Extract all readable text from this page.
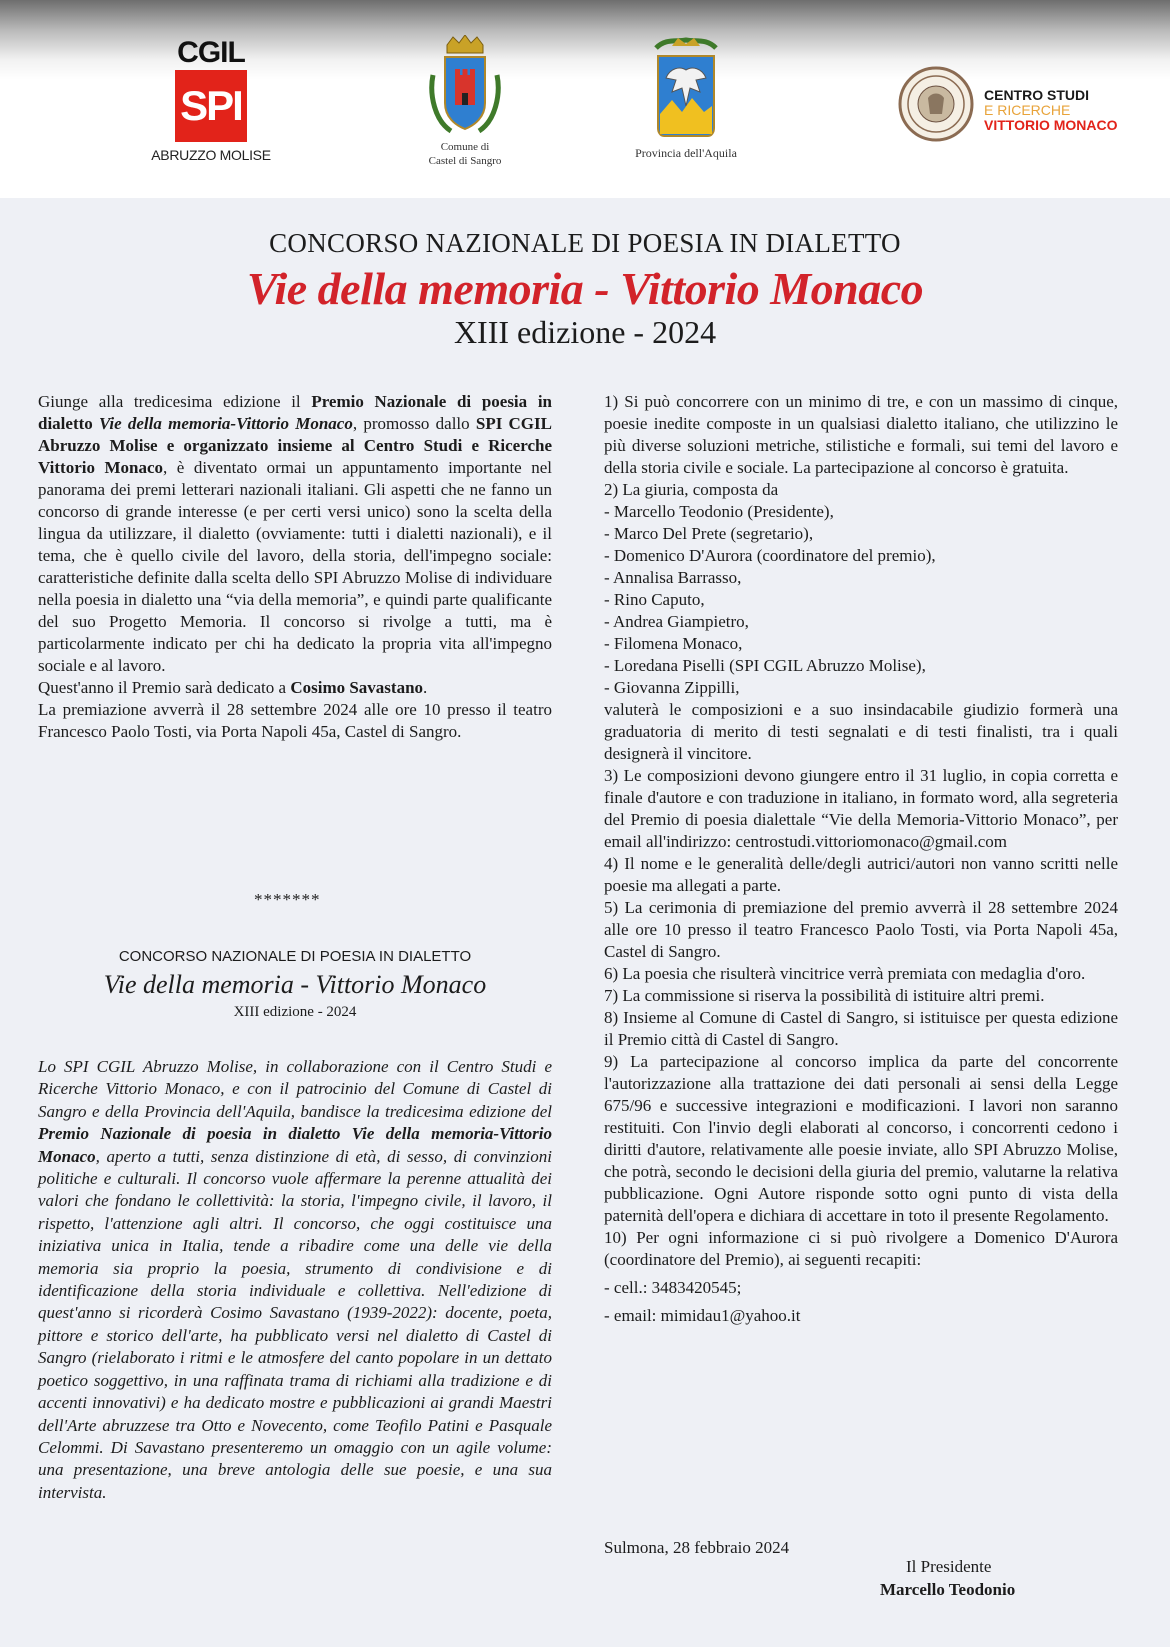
CGIL
SPI
ABRUZZO MOLISE	Comune di
Castel di Sangro
Provincia dell'Aquila
CENTRO STUDI
E RICERCHE
VITTORIO MONACO
CONCORSO NAZIONALE DI POESIA IN DIALETTO
Vie della memoria - Vittorio Monaco
XIII edizione - 2024

Giunge alla tredicesima edizione il Premio Nazionale di poesia in dialetto Vie della memoria-Vittorio Monaco, promosso dallo SPI CGIL Abruzzo Molise e organizzato insieme al Centro Studi e Ricerche Vittorio Monaco, è diventato ormai un appuntamento importante nel panorama dei premi letterari nazionali italiani. Gli aspetti che ne fanno un concorso di grande interesse (e per certi versi unico) sono la scelta della lingua da utilizzare, il dialetto (ovviamente: tutti i dialetti nazionali), e il tema, che è quello civile del lavoro, della storia, dell'impegno sociale: caratteristiche definite dalla scelta dello SPI Abruzzo Molise di individuare nella poesia in dialetto una “via della memoria”, e quindi parte qualificante del suo Progetto Memoria. Il concorso si rivolge a tutti, ma è particolarmente indicato per chi ha dedicato la propria vita all'impegno sociale e al lavoro.

Quest'anno il Premio sarà dedicato a Cosimo Savastano.

La premiazione avverrà il 28 settembre 2024 alle ore 10 presso il teatro Francesco Paolo Tosti, via Porta Napoli 45a, Castel di Sangro.

*******
CONCORSO NAZIONALE DI POESIA IN DIALETTO
Vie della memoria - Vittorio Monaco
XIII edizione - 2024
Lo SPI CGIL Abruzzo Molise, in collaborazione con il Centro Studi e Ricerche Vittorio Monaco, e con il patrocinio del Comune di Castel di Sangro e della Provincia dell'Aquila, bandisce la tredicesima edizione del Premio Nazionale di poesia in dialetto Vie della memoria-Vittorio Monaco, aperto a tutti, senza distinzione di età, di sesso, di convinzioni politiche e culturali. Il concorso vuole affermare la perenne attualità dei valori che fondano le collettività: la storia, l'impegno civile, il lavoro, il rispetto, l'attenzione agli altri. Il concorso, che oggi costituisce una iniziativa unica in Italia, tende a ribadire come una delle vie della memoria sia proprio la poesia, strumento di condivisione e di identificazione della storia individuale e collettiva. Nell'edizione di quest'anno si ricorderà Cosimo Savastano (1939-2022): docente, poeta, pittore e storico dell'arte, ha pubblicato versi nel dialetto di Castel di Sangro (rielaborato i ritmi e le atmosfere del canto popolare in un dettato poetico soggettivo, in una raffinata trama di richiami alla tradizione e di accenti innovativi) e ha dedicato mostre e pubblicazioni ai grandi Maestri dell'Arte abruzzese tra Otto e Novecento, come Teofilo Patini e Pasquale Celommi. Di Savastano presenteremo un omaggio con un agile volume: una presentazione, una breve antologia delle sue poesie, e una sua intervista.

1) Si può concorrere con un minimo di tre, e con un massimo di cinque, poesie inedite composte in un qualsiasi dialetto italiano, che utilizzino le più diverse soluzioni metriche, stilistiche e formali, sui temi del lavoro e della storia civile e sociale. La partecipazione al concorso è gratuita.

2) La giuria, composta da
- Marcello Teodonio (Presidente),
- Marco Del Prete (segretario),
- Domenico D'Aurora (coordinatore del premio),
- Annalisa Barrasso,
- Rino Caputo,
- Andrea Giampietro,
- Filomena Monaco,
- Loredana Piselli (SPI CGIL Abruzzo Molise),
- Giovanna Zippilli,

valuterà le composizioni e a suo insindacabile giudizio formerà una graduatoria di merito di testi segnalati e di testi finalisti, tra i quali designerà il vincitore.

3) Le composizioni devono giungere entro il 31 luglio, in copia corretta e finale d'autore e con traduzione in italiano, in formato word, alla segreteria del Premio di poesia dialettale “Vie della Memoria-Vittorio Monaco”, per email all'indirizzo: centrostudi.vittoriomonaco@gmail.com

4) Il nome e le generalità delle/degli autrici/autori non vanno scritti nelle poesie ma allegati a parte.

5) La cerimonia di premiazione del premio avverrà il 28 settembre 2024 alle ore 10 presso il teatro Francesco Paolo Tosti, via Porta Napoli 45a, Castel di Sangro.

6) La poesia che risulterà vincitrice verrà premiata con medaglia d'oro.

7) La commissione si riserva la possibilità di istituire altri premi.

8) Insieme al Comune di Castel di Sangro, si istituisce per questa edizione il Premio città di Castel di Sangro.

9) La partecipazione al concorso implica da parte del concorrente l'autorizzazione alla trattazione dei dati personali ai sensi della Legge 675/96 e successive integrazioni e modificazioni. I lavori non saranno restituiti. Con l'invio degli elaborati al concorso, i concorrenti cedono i diritti d'autore, relativamente alle poesie inviate, allo SPI Abruzzo Molise, che potrà, secondo le decisioni della giuria del premio, valutarne la relativa pubblicazione. Ogni Autore risponde sotto ogni punto di vista della paternità dell'opera e dichiara di accettare in toto il presente Regolamento.

10) Per ogni informazione ci si può rivolgere a Domenico D'Aurora (coordinatore del Premio), ai seguenti recapiti:

- cell.: 3483420545;

- email: mimidau1@yahoo.it

Sulmona, 28 febbraio 2024
Il Presidente
Marcello Teodonio
